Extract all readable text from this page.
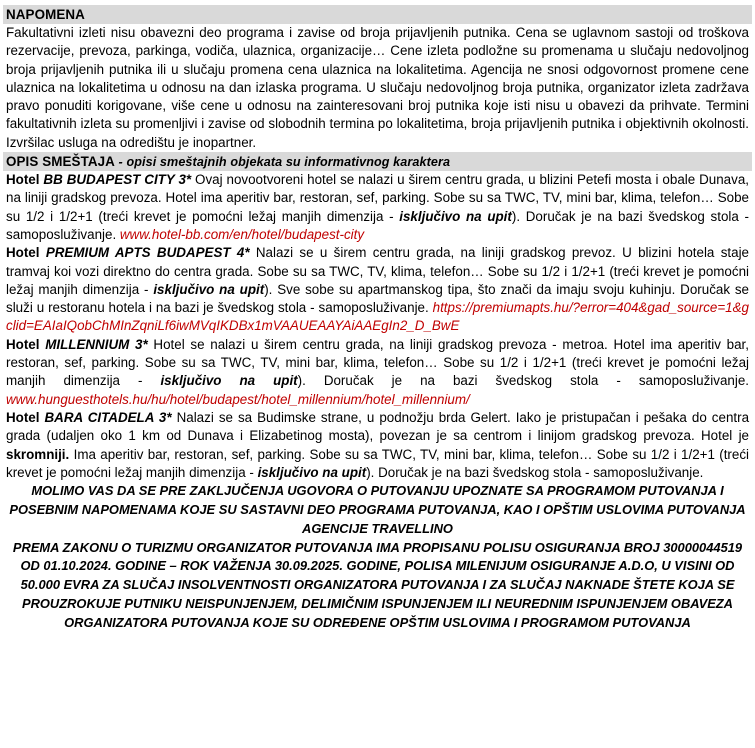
NAPOMENA
Fakultativni izleti nisu obavezni deo programa i zavise od broja prijavljenih putnika. Cena se uglavnom sastoji od troškova rezervacije, prevoza, parkinga, vodiča, ulaznica, organizacije… Cene izleta podložne su promenama u slučaju nedovoljnog broja prijavljenih putnika ili u slučaju promena cena ulaznica na lokalitetima. Agencija ne snosi odgovornost promene cene ulaznica na lokalitetima u odnosu na dan izlaska programa. U slučaju nedovoljnog broja putnika, organizator izleta zadržava pravo ponuditi korigovane, više cene u odnosu na zainteresovani broj putnika koje isti nisu u obavezi da prihvate. Termini fakultativnih izleta su promenljivi i zavise od slobodnih termina po lokalitetima, broja prijavljenih putnika i objektivnih okolnosti. Izvršilac usluga na odredištu je inopartner.
OPIS SMEŠTAJA - opisi smeštajnih objekata su informativnog karaktera
Hotel BB BUDAPEST CITY 3* Ovaj novootvoreni hotel se nalazi u širem centru grada, u blizini Petefi mosta i obale Dunava, na liniji gradskog prevoza. Hotel ima aperitiv bar, restoran, sef, parking. Sobe su sa TWC, TV, mini bar, klima, telefon… Sobe su 1/2 i 1/2+1 (treći krevet je pomoćni ležaj manjih dimenzija - isključivo na upit). Doručak je na bazi švedskog stola - samoposluživanje. www.hotel-bb.com/en/hotel/budapest-city
Hotel PREMIUM APTS BUDAPEST 4* Nalazi se u širem centru grada, na liniji gradskog prevoz. U blizini hotela staje tramvaj koi vozi direktno do centra grada. Sobe su sa TWC, TV, klima, telefon… Sobe su 1/2 i 1/2+1 (treći krevet je pomoćni ležaj manjih dimenzija - isključivo na upit). Sve sobe su apartmanskog tipa, što znači da imaju svoju kuhinju. Doručak se služi u restoranu hotela i na bazi je švedskog stola - samoposluživanje. https://premiumapts.hu/?error=404&gad_source=1&gclid=EAIaIQobChMInZqniLf6iwMVqIKDBx1mVAAUEAAYAiAAEgIn2_D_BwE
Hotel MILLENNIUM 3* Hotel se nalazi u širem centru grada, na liniji gradskog prevoza - metroa. Hotel ima aperitiv bar, restoran, sef, parking. Sobe su sa TWC, TV, mini bar, klima, telefon… Sobe su 1/2 i 1/2+1 (treći krevet je pomoćni ležaj manjih dimenzija - isključivo na upit). Doručak je na bazi švedskog stola - samoposluživanje. www.hunguesthotels.hu/hu/hotel/budapest/hotel_millennium/hotel_millennium/
Hotel BARA CITADELA 3* Nalazi se sa Budimske strane, u podnožju brda Gelert. Iako je pristupačan i pešaka do centra grada (udaljen oko 1 km od Dunava i Elizabetinog mosta), povezan je sa centrom i linijom gradskog prevoza. Hotel je skromniji. Ima aperitiv bar, restoran, sef, parking. Sobe su sa TWC, TV, mini bar, klima, telefon… Sobe su 1/2 i 1/2+1 (treći krevet je pomoćni ležaj manjih dimenzija - isključivo na upit). Doručak je na bazi švedskog stola - samoposluživanje.
MOLIMO VAS DA SE PRE ZAKLJUČENJA UGOVORA O PUTOVANJU UPOZNATE SA PROGRAMOM PUTOVANJA I POSEBNIM NAPOMENAMA KOJE SU SASTAVNI DEO PROGRAMA PUTOVANJA, KAO I OPŠTIM USLOVIMA PUTOVANJA AGENCIJE TRAVELLINO
PREMA ZAKONU O TURIZMU ORGANIZATOR PUTOVANJA IMA PROPISANU POLISU OSIGURANJA BROJ 30000044519 OD 01.10.2024. GODINE – ROK VAŽENJA 30.09.2025. GODINE, POLISA MILENIJUM OSIGURANJE A.D.O, U VISINI OD 50.000 EVRA ZA SLUČAJ INSOLVENTNOSTI ORGANIZATORA PUTOVANJA I ZA SLUČAJ NAKNADE ŠTETE KOJA SE PROUZROKUJE PUTNIKU NEISPUNJENJEM, DELIMIČNIM ISPUNJENJEM ILI NEUREDNIM ISPUNJENJEM OBAVEZA ORGANIZATORA PUTOVANJA KOJE SU ODREĐENE OPŠTIM USLOVIMA I PROGRAMOM PUTOVANJA
